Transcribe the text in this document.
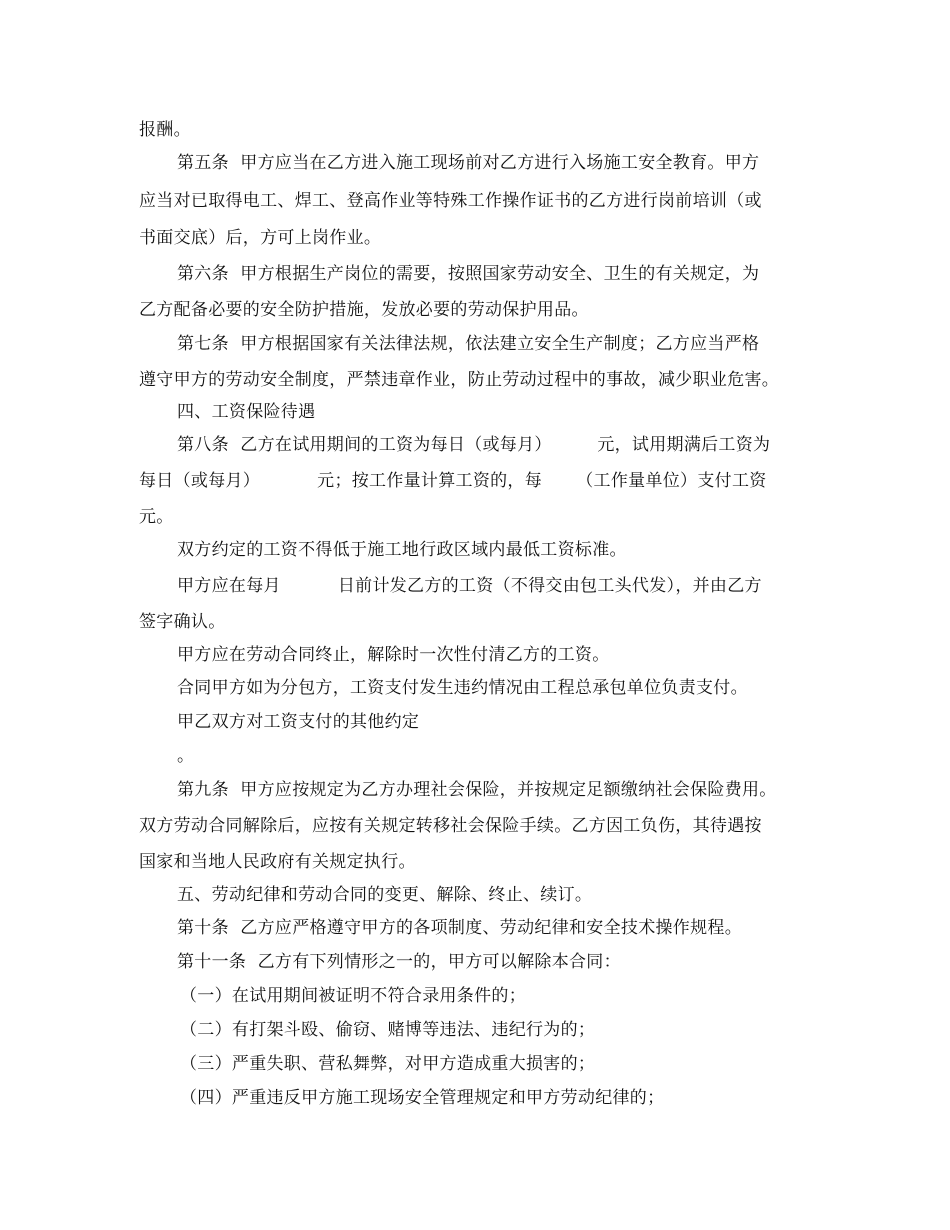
报酬。
第五条  甲方应当在乙方进入施工现场前对乙方进行入场施工安全教育。甲方
应当对已取得电工、焊工、登高作业等特殊工作操作证书的乙方进行岗前培训（或
书面交底）后，方可上岗作业。
第六条  甲方根据生产岗位的需要，按照国家劳动安全、卫生的有关规定，为
乙方配备必要的安全防护措施，发放必要的劳动保护用品。
第七条  甲方根据国家有关法律法规，依法建立安全生产制度；乙方应当严格
遵守甲方的劳动安全制度，严禁违章作业，防止劳动过程中的事故，减少职业危害。
四、工资保险待遇
第八条  乙方在试用期间的工资为每日（或每月）        元，试用期满后工资为
每日（或每月）          元；按工作量计算工资的，每      （工作量单位）支付工资
元。
双方约定的工资不得低于施工地行政区域内最低工资标准。
甲方应在每月          日前计发乙方的工资（不得交由包工头代发），并由乙方
签字确认。
甲方应在劳动合同终止，解除时一次性付清乙方的工资。
合同甲方如为分包方，工资支付发生违约情况由工程总承包单位负责支付。
甲乙双方对工资支付的其他约定
。
第九条  甲方应按规定为乙方办理社会保险，并按规定足额缴纳社会保险费用。
双方劳动合同解除后，应按有关规定转移社会保险手续。乙方因工负伤，其待遇按
国家和当地人民政府有关规定执行。
五、劳动纪律和劳动合同的变更、解除、终止、续订。
第十条  乙方应严格遵守甲方的各项制度、劳动纪律和安全技术操作规程。
第十一条  乙方有下列情形之一的，甲方可以解除本合同：
（一）在试用期间被证明不符合录用条件的；
（二）有打架斗殴、偷窃、赌博等违法、违纪行为的；
（三）严重失职、营私舞弊，对甲方造成重大损害的；
（四）严重违反甲方施工现场安全管理规定和甲方劳动纪律的；
